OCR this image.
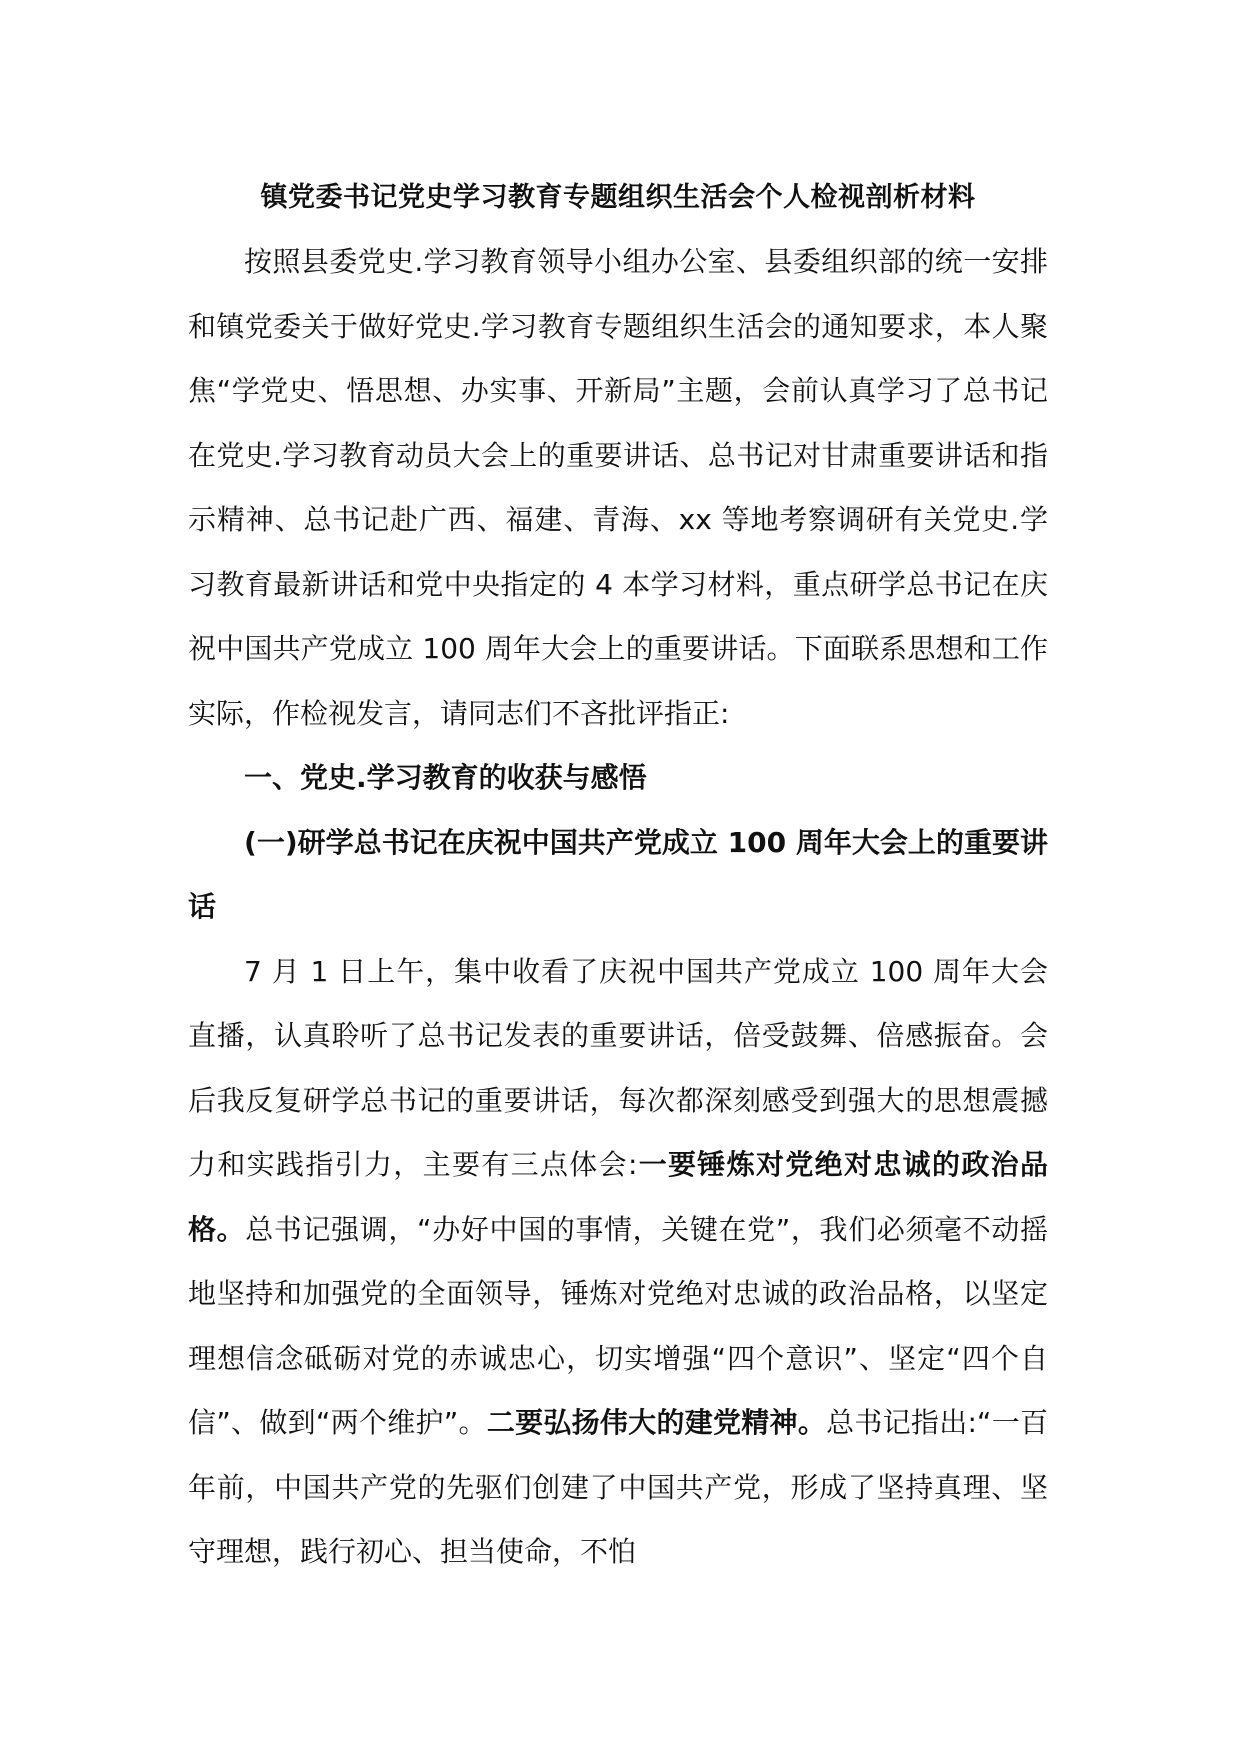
镇党委书记党史学习教育专题组织生活会个人检视剖析材料

按照县委党史.学习教育领导小组办公室、县委组织部的统一安排和镇党委关于做好党史.学习教育专题组织生活会的通知要求，本人聚焦“学党史、悟思想、办实事、开新局”主题，会前认真学习了总书记在党史.学习教育动员大会上的重要讲话、总书记对甘肃重要讲话和指示精神、总书记赴广西、福建、青海、xx 等地考察调研有关党史.学习教育最新讲话和党中央指定的 4 本学习材料，重点研学总书记在庆祝中国共产党成立 100 周年大会上的重要讲话。下面联系思想和工作实际，作检视发言，请同志们不吝批评指正:

一、党史.学习教育的收获与感悟

(一)研学总书记在庆祝中国共产党成立 100 周年大会上的重要讲话

7 月 1 日上午，集中收看了庆祝中国共产党成立 100 周年大会直播，认真聆听了总书记发表的重要讲话，倍受鼓舞、倍感振奋。会后我反复研学总书记的重要讲话，每次都深刻感受到强大的思想震撼力和实践指引力，主要有三点体会:一要锤炼对党绝对忠诚的政治品格。总书记强调，“办好中国的事情，关键在党”，我们必须毫不动摇地坚持和加强党的全面领导，锤炼对党绝对忠诚的政治品格，以坚定理想信念砥砺对党的赤诚忠心，切实增强“四个意识”、坚定“四个自信”、做到“两个维护”。二要弘扬伟大的建党精神。总书记指出:“一百年前，中国共产党的先驱们创建了中国共产党，形成了坚持真理、坚守理想，践行初心、担当使命，不怕
